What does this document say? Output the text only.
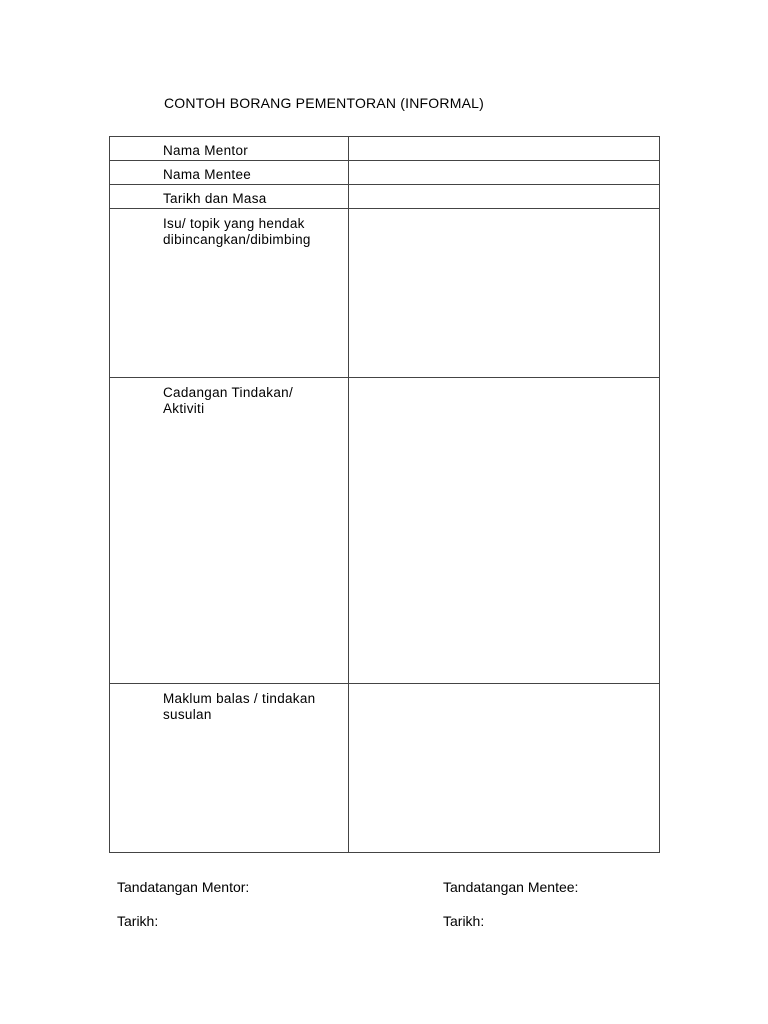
CONTOH BORANG PEMENTORAN (INFORMAL)
Nama Mentor	

Nama Mentee	

Tarikh dan Masa	

Isu/ topik yang hendak
dibincangkan/dibimbing	

Cadangan Tindakan/
Aktiviti	

Maklum balas / tindakan
susulan	

Tandatangan Mentor:	Tandatangan Mentee:
Tarikh:	Tarikh:
